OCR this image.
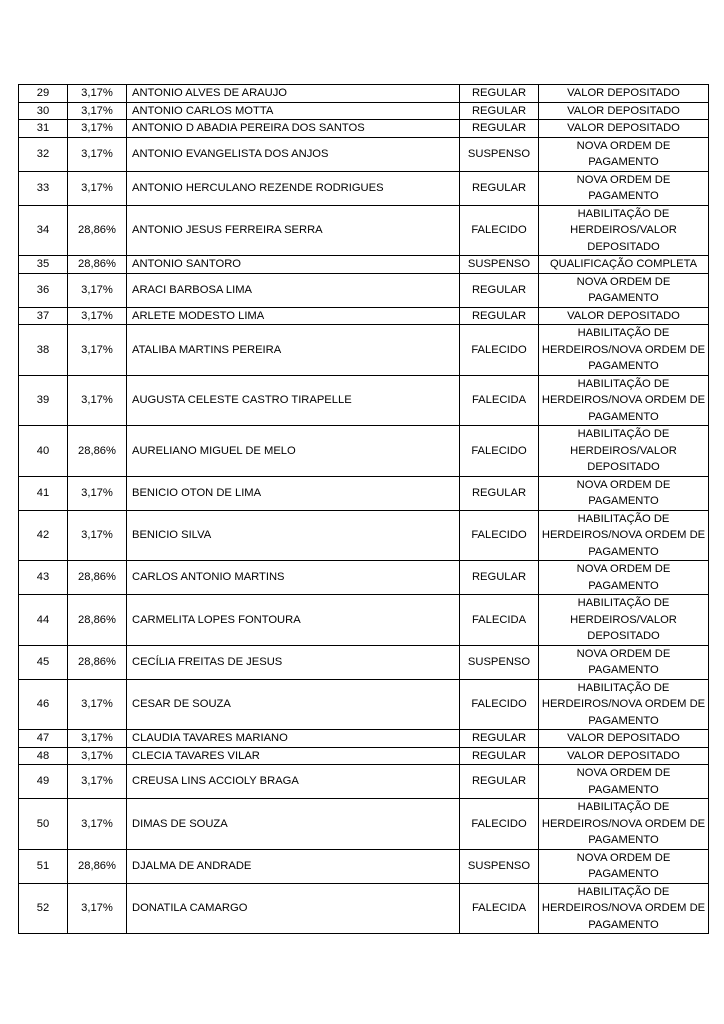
29	3,17%	ANTONIO ALVES DE ARAUJO	REGULAR	VALOR DEPOSITADO
30	3,17%	ANTONIO CARLOS MOTTA	REGULAR	VALOR DEPOSITADO
31	3,17%	ANTONIO D ABADIA PEREIRA DOS SANTOS	REGULAR	VALOR DEPOSITADO
32	3,17%	ANTONIO EVANGELISTA DOS ANJOS	SUSPENSO	NOVA ORDEM DE PAGAMENTO
33	3,17%	ANTONIO HERCULANO REZENDE RODRIGUES	REGULAR	NOVA ORDEM DE PAGAMENTO
34	28,86%	ANTONIO JESUS FERREIRA SERRA	FALECIDO	HABILITAÇÃO DE HERDEIROS/VALOR DEPOSITADO
35	28,86%	ANTONIO SANTORO	SUSPENSO	QUALIFICAÇÃO COMPLETA
36	3,17%	ARACI BARBOSA LIMA	REGULAR	NOVA ORDEM DE PAGAMENTO
37	3,17%	ARLETE MODESTO LIMA	REGULAR	VALOR DEPOSITADO
38	3,17%	ATALIBA MARTINS PEREIRA	FALECIDO	HABILITAÇÃO DE HERDEIROS/NOVA ORDEM DE PAGAMENTO
39	3,17%	AUGUSTA CELESTE CASTRO TIRAPELLE	FALECIDA	HABILITAÇÃO DE HERDEIROS/NOVA ORDEM DE PAGAMENTO
40	28,86%	AURELIANO MIGUEL DE MELO	FALECIDO	HABILITAÇÃO DE HERDEIROS/VALOR DEPOSITADO
41	3,17%	BENICIO OTON DE LIMA	REGULAR	NOVA ORDEM DE PAGAMENTO
42	3,17%	BENICIO SILVA	FALECIDO	HABILITAÇÃO DE HERDEIROS/NOVA ORDEM DE PAGAMENTO
43	28,86%	CARLOS ANTONIO MARTINS	REGULAR	NOVA ORDEM DE PAGAMENTO
44	28,86%	CARMELITA LOPES FONTOURA	FALECIDA	HABILITAÇÃO DE HERDEIROS/VALOR DEPOSITADO
45	28,86%	CECÍLIA FREITAS DE JESUS	SUSPENSO	NOVA ORDEM DE PAGAMENTO
46	3,17%	CESAR DE SOUZA	FALECIDO	HABILITAÇÃO DE HERDEIROS/NOVA ORDEM DE PAGAMENTO
47	3,17%	CLAUDIA TAVARES MARIANO	REGULAR	VALOR DEPOSITADO
48	3,17%	CLECIA TAVARES VILAR	REGULAR	VALOR DEPOSITADO
49	3,17%	CREUSA LINS ACCIOLY BRAGA	REGULAR	NOVA ORDEM DE PAGAMENTO
50	3,17%	DIMAS DE SOUZA	FALECIDO	HABILITAÇÃO DE HERDEIROS/NOVA ORDEM DE PAGAMENTO
51	28,86%	DJALMA DE ANDRADE	SUSPENSO	NOVA ORDEM DE PAGAMENTO
52	3,17%	DONATILA CAMARGO	FALECIDA	HABILITAÇÃO DE HERDEIROS/NOVA ORDEM DE PAGAMENTO
